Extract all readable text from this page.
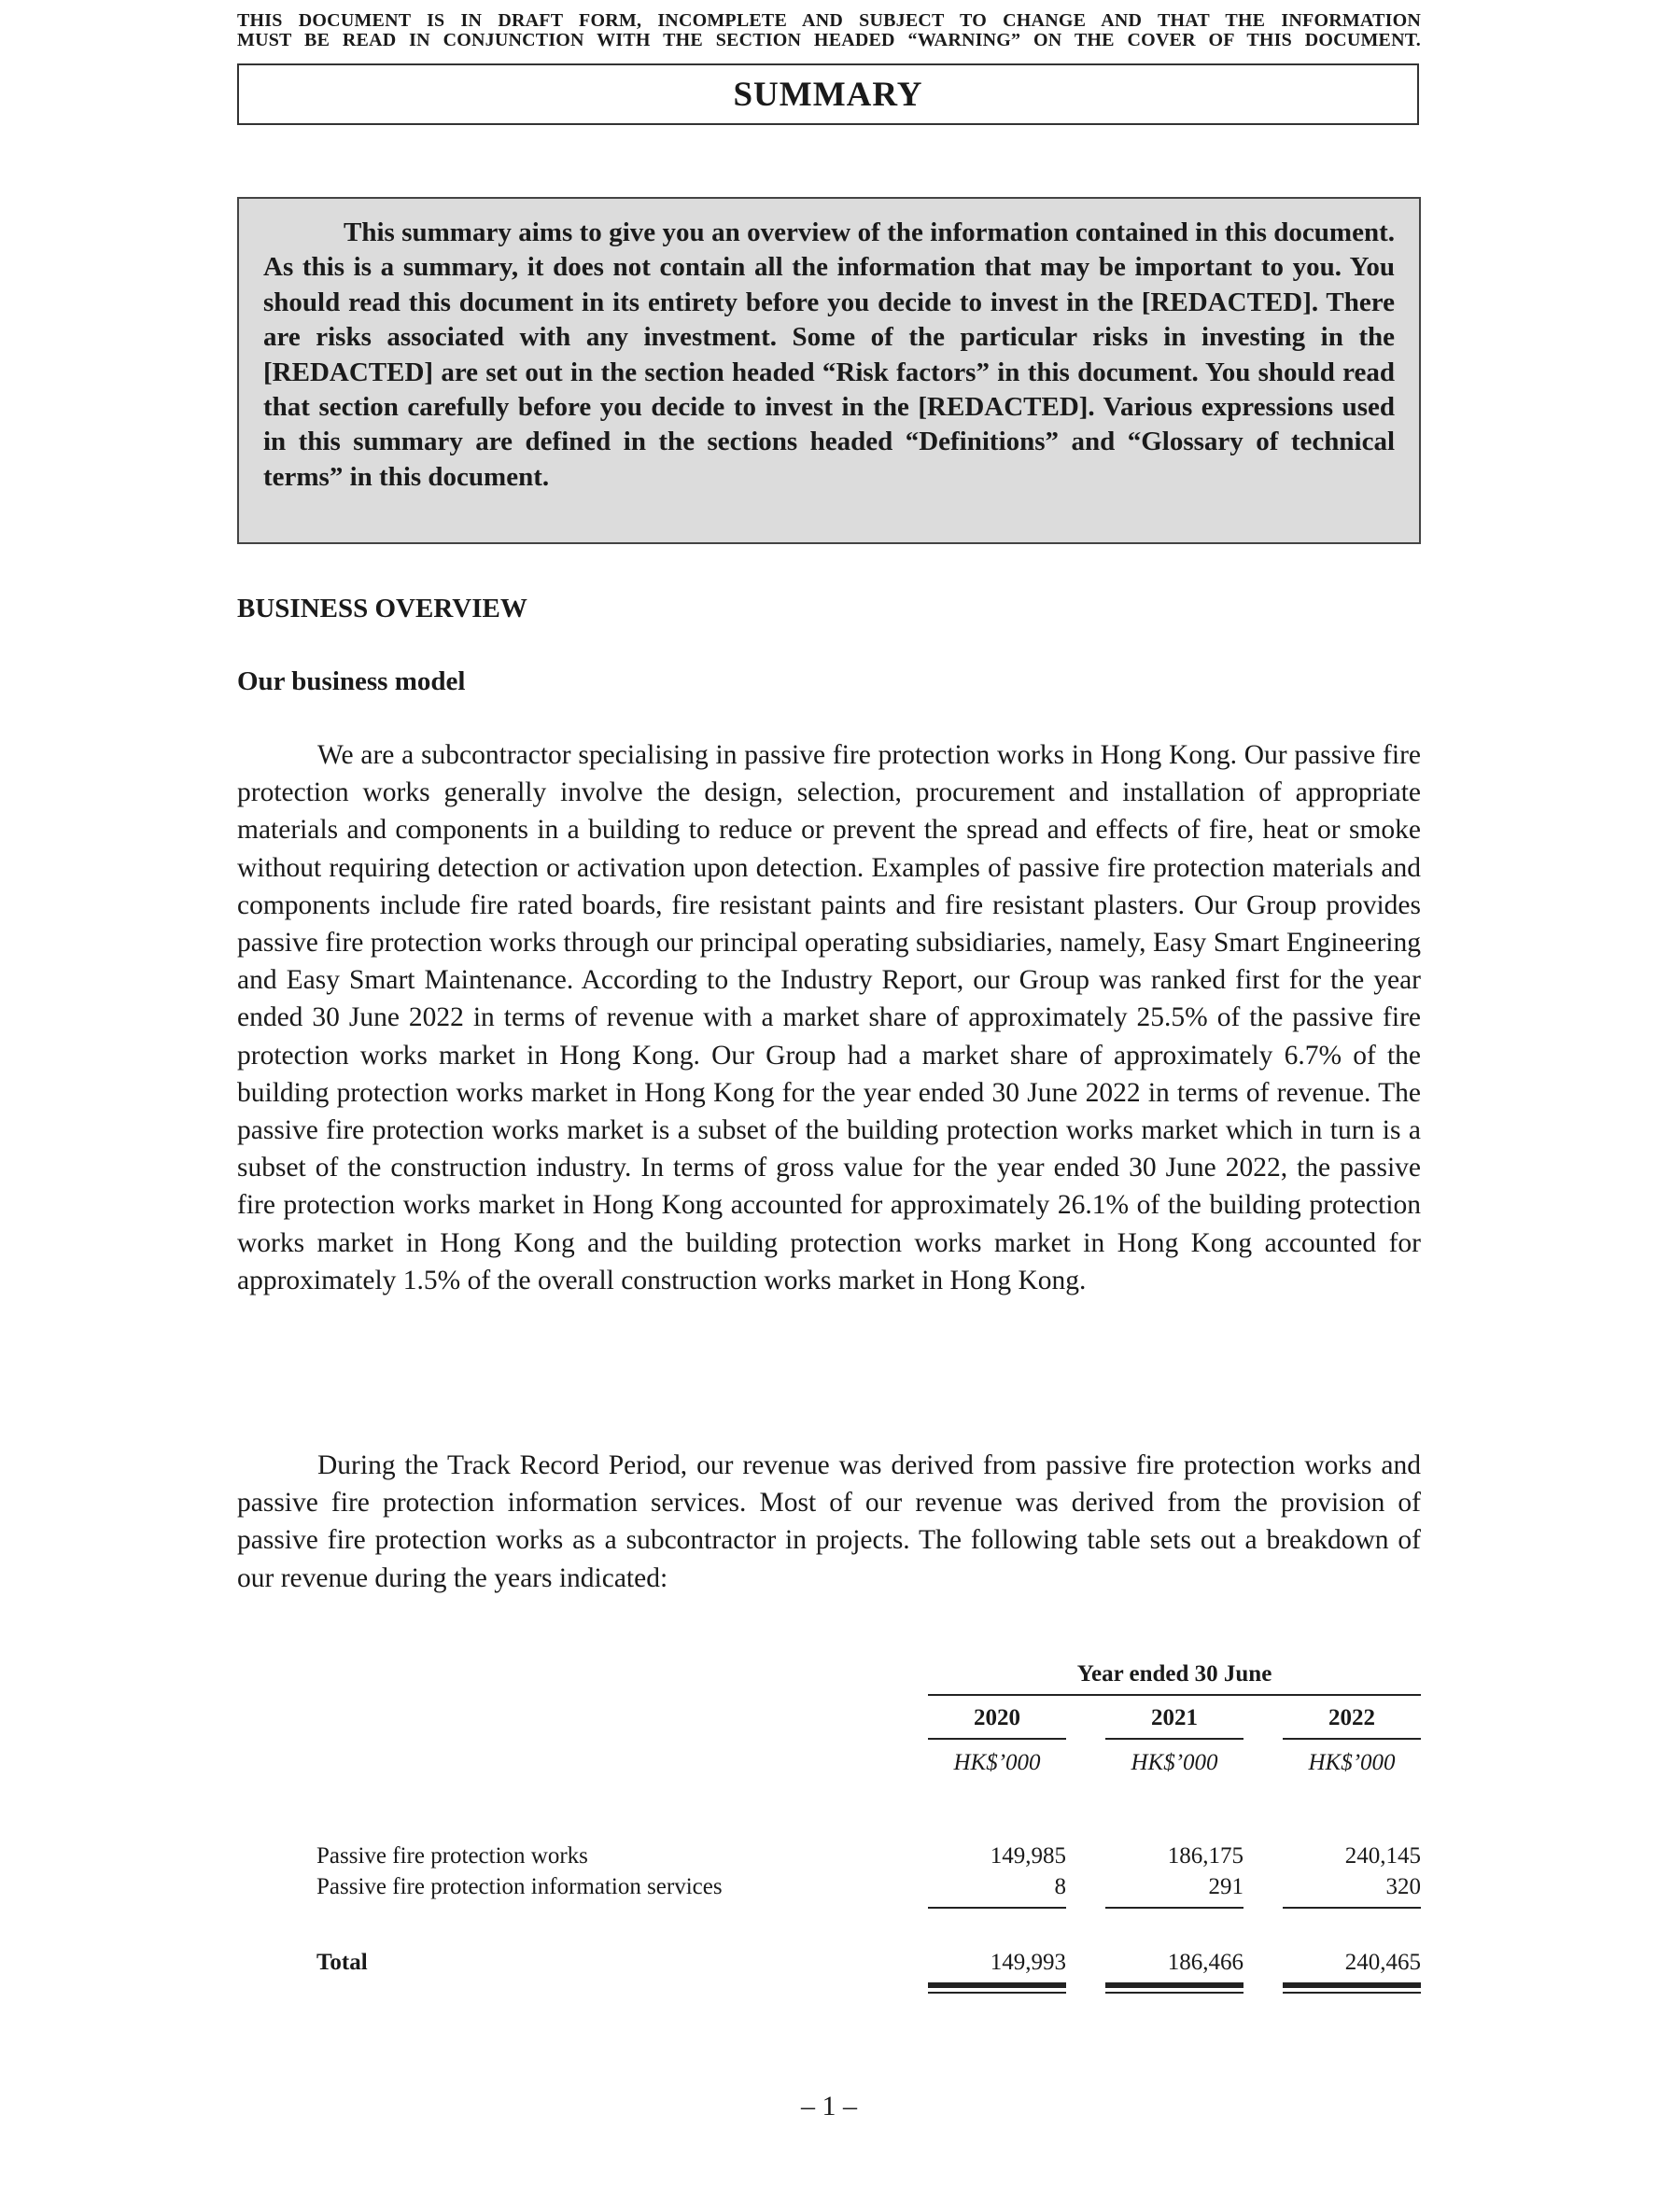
THIS DOCUMENT IS IN DRAFT FORM, INCOMPLETE AND SUBJECT TO CHANGE AND THAT THE INFORMATION
MUST BE READ IN CONJUNCTION WITH THE SECTION HEADED “WARNING” ON THE COVER OF THIS DOCUMENT.
SUMMARY

This summary aims to give you an overview of the information contained in this document. As this is a summary, it does not contain all the information that may be important to you. You should read this document in its entirety before you decide to invest in the [REDACTED]. There are risks associated with any investment. Some of the particular risks in investing in the [REDACTED] are set out in the section headed “Risk factors” in this document. You should read that section carefully before you decide to invest in the [REDACTED]. Various expressions used in this summary are defined in the sections headed “Definitions” and “Glossary of technical terms” in this document.

BUSINESS OVERVIEW
Our business model

We are a subcontractor specialising in passive fire protection works in Hong Kong. Our passive fire protection works generally involve the design, selection, procurement and installation of appropriate materials and components in a building to reduce or prevent the spread and effects of fire, heat or smoke without requiring detection or activation upon detection. Examples of passive fire protection materials and components include fire rated boards, fire resistant paints and fire resistant plasters. Our Group provides passive fire protection works through our principal operating subsidiaries, namely, Easy Smart Engineering and Easy Smart Maintenance. According to the Industry Report, our Group was ranked first for the year ended 30 June 2022 in terms of revenue with a market share of approximately 25.5% of the passive fire protection works market in Hong Kong. Our Group had a market share of approximately 6.7% of the building protection works market in Hong Kong for the year ended 30 June 2022 in terms of revenue. The passive fire protection works market is a subset of the building protection works market which in turn is a subset of the construction industry. In terms of gross value for the year ended 30 June 2022, the passive fire protection works market in Hong Kong accounted for approximately 26.1% of the building protection works market in Hong Kong and the building protection works market in Hong Kong accounted for approximately 1.5% of the overall construction works market in Hong Kong.

During the Track Record Period, our revenue was derived from passive fire protection works and passive fire protection information services. Most of our revenue was derived from the provision of passive fire protection works as a subcontractor in projects. The following table sets out a breakdown of our revenue during the years indicated:

Year ended 30 June
2020	2021	2022
HK$’000	HK$’000	HK$’000
Passive fire protection works	149,985	186,175	240,145
Passive fire protection information services	8	291	320
Total	149,993	186,466	240,465
– 1 –
